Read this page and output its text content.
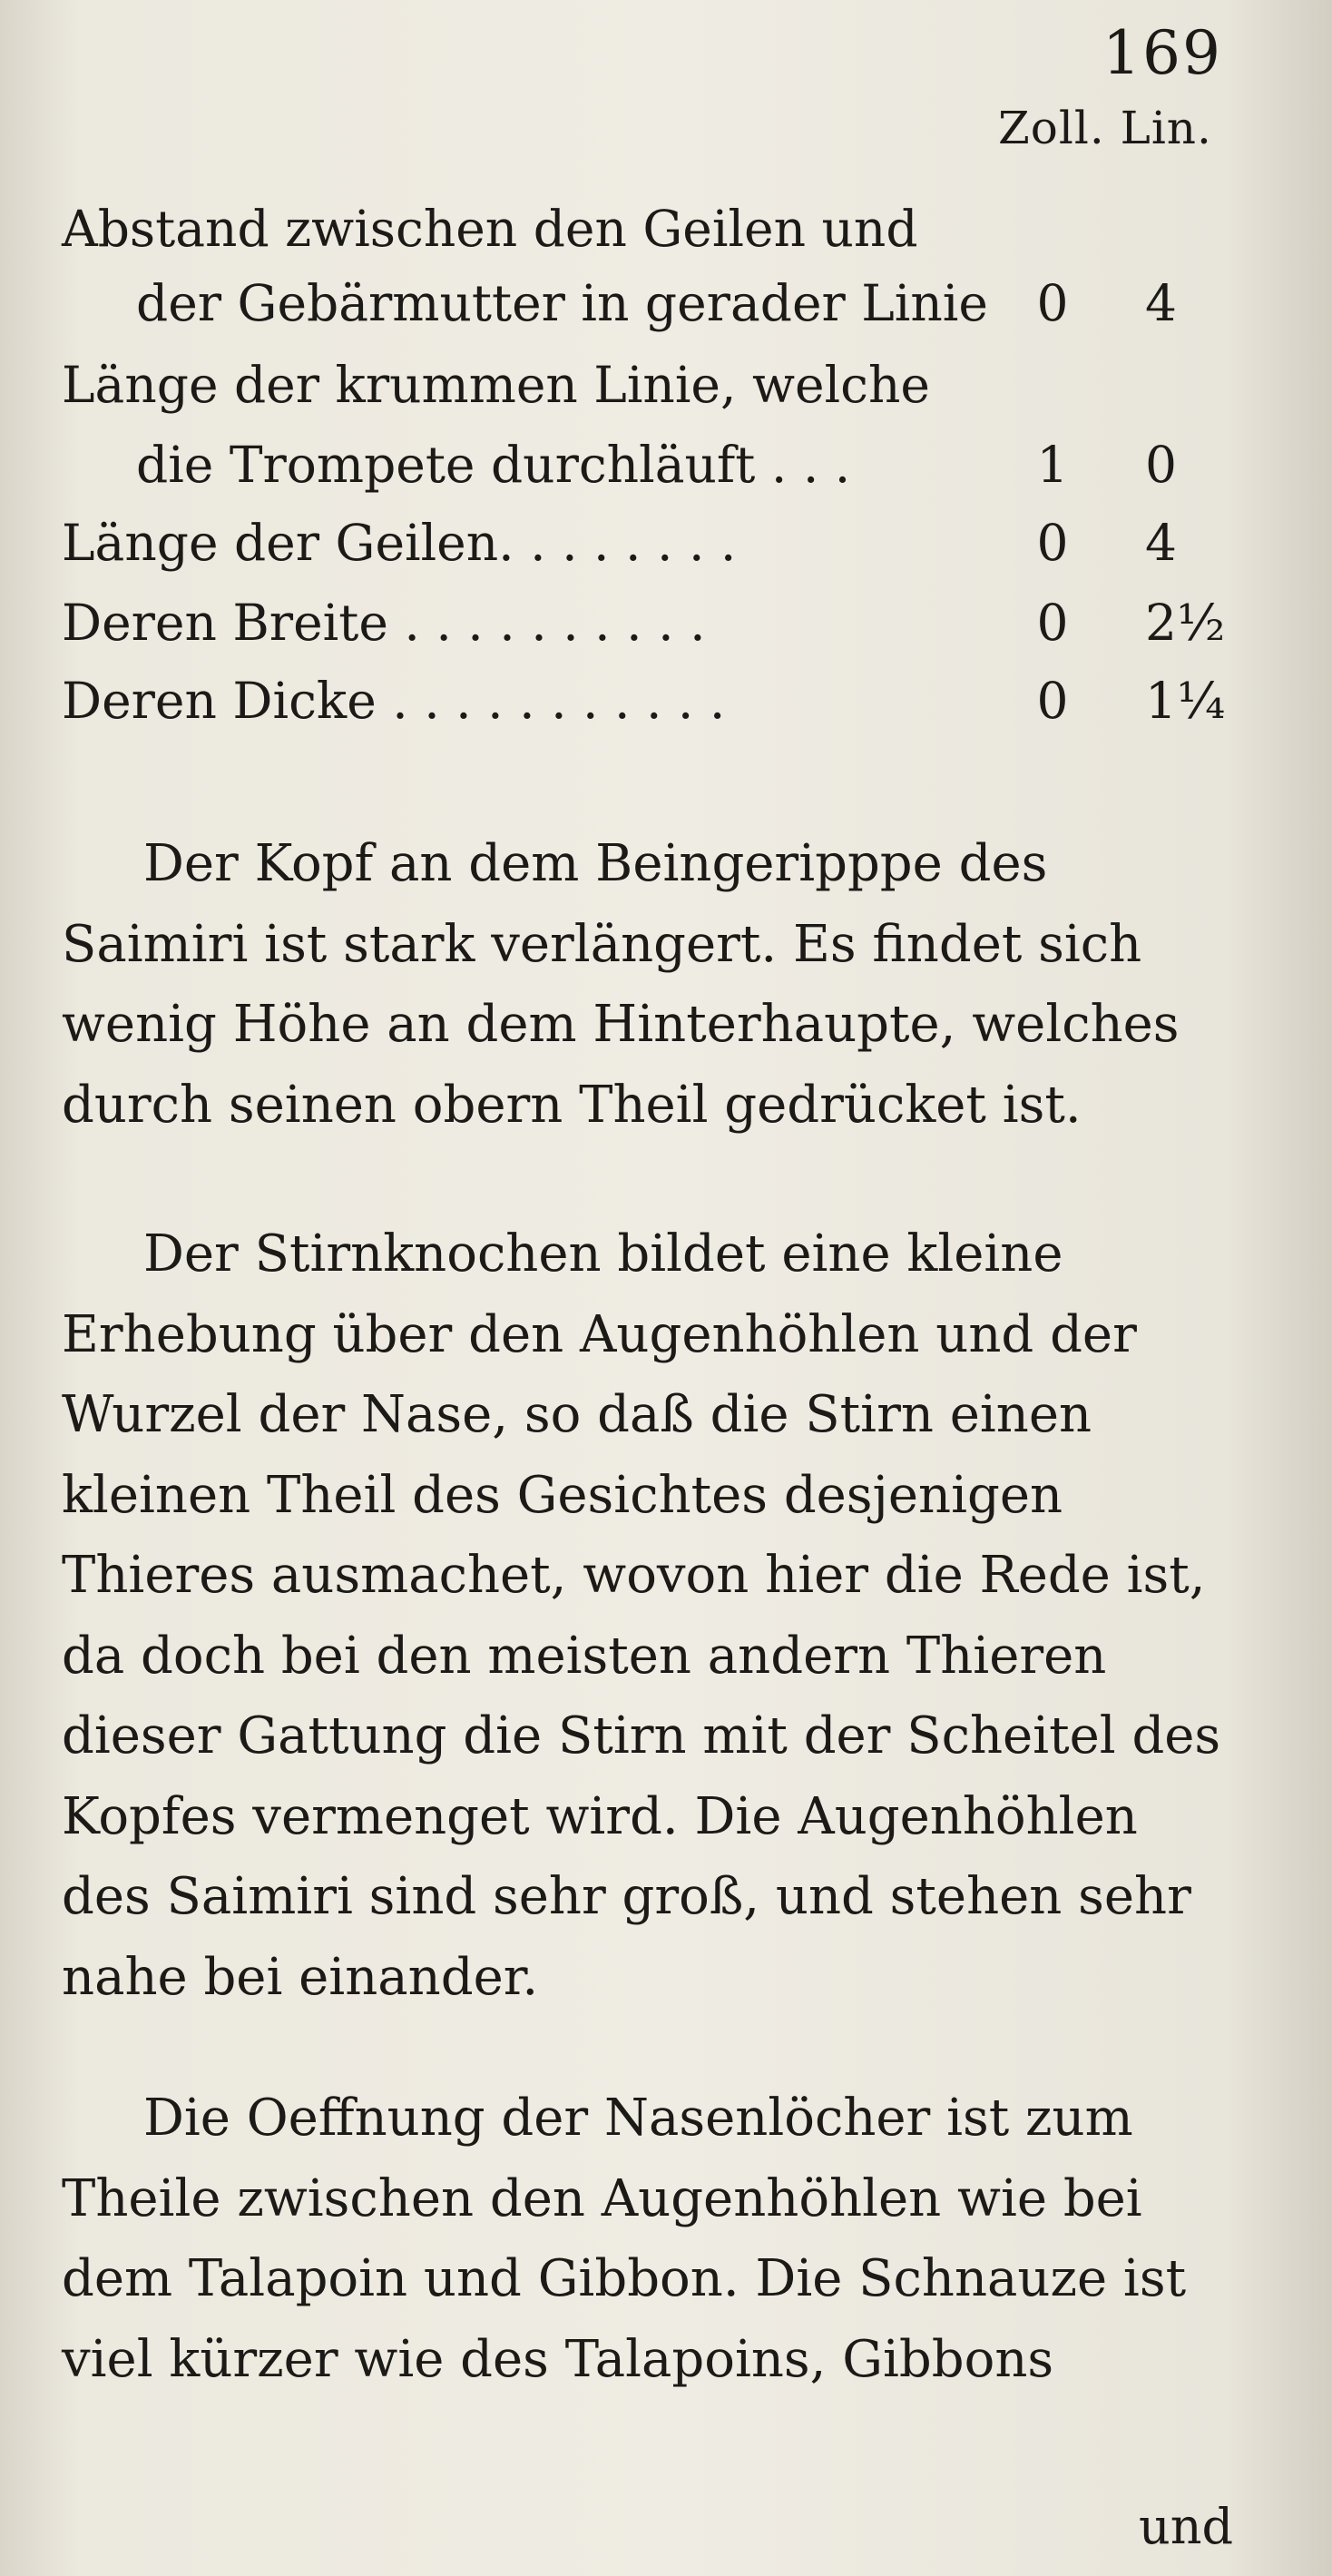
169
Zoll. Lin.
Abstand zwischen den Geilen und
der Gebärmutter in gerader Linie 0 4
Länge der krummen Linie, welche
die Trompete durchläuft . . .	1 0
Länge der Geilen. . . . . . . .	0 4
Deren Breite . . . . . . . . . .	0 2½
Deren Dicke . . . . . . . . . . .	0 1¼

Der Kopf an dem Beingeripppe des Saimiri ist stark verlängert. Es findet sich wenig Höhe an dem Hinterhaupte, welches durch seinen obern Theil gedrücket ist.

Der Stirnknochen bildet eine kleine Erhebung über den Augenhöhlen und der Wurzel der Nase, so daß die Stirn einen kleinen Theil des Gesichtes desjenigen Thieres ausmachet, wovon hier die Rede ist, da doch bei den meisten andern Thieren dieser Gattung die Stirn mit der Scheitel des Kopfes vermenget wird. Die Augenhöhlen des Saimiri sind sehr groß, und stehen sehr nahe bei einander.

Die Oeffnung der Nasenlöcher ist zum Theile zwischen den Augenhöhlen wie bei dem Talapoin und Gibbon. Die Schnauze ist viel kürzer wie des Talapoins, Gibbons

und
